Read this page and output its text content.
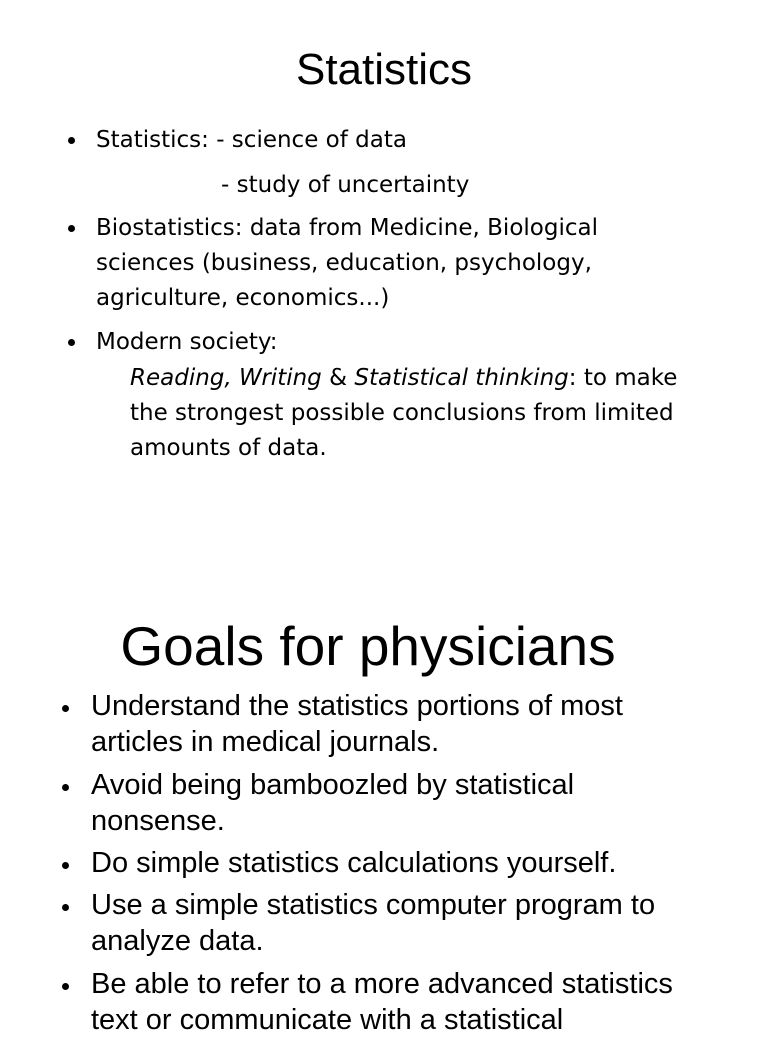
Statistics
Statistics: - science of data
- study of uncertainty
Biostatistics: data from Medicine, Biological
sciences (business, education, psychology,
agriculture, economics...)
Modern society:
Reading, Writing & Statistical thinking: to make
the strongest possible conclusions from limited
amounts of data.
Goals for physicians
Understand the statistics portions of most
articles in medical journals.
Avoid being bamboozled by statistical
nonsense.
Do simple statistics calculations yourself.
Use a simple statistics computer program to
analyze data.
Be able to refer to a more advanced statistics
text or communicate with a statistical
